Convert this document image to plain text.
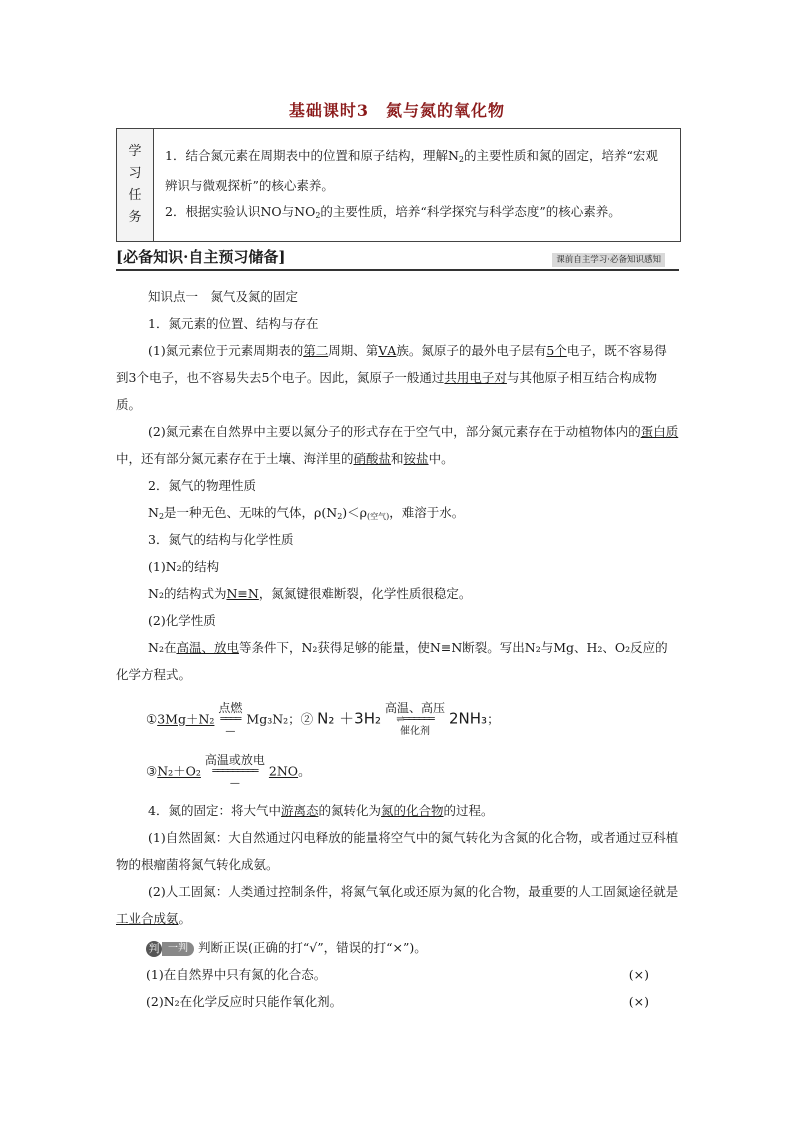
基础课时3　氮与氮的氧化物
学
习
任
务
1．结合氮元素在周期表中的位置和原子结构，理解$N_2$的主要性质和氮的固定，培养“宏观辨识与微观探析”的核心素养。
2．根据实验认识NO与$NO_2$的主要性质，培养“科学探究与科学态度”的核心素养。
[必备知识·自主预习储备]	课前自主学习·必备知识感知
知识点一　氮气及氮的固定
1．氮元素的位置、结构与存在
(1)氮元素位于元素周期表的第二周期、第ⅤA族。氮原子的最外电子层有5个电子，既不容易得到3个电子，也不容易失去5个电子。因此，氮原子一般通过共用电子对与其他原子相互结合构成物质。
(2)氮元素在自然界中主要以氮分子的形式存在于空气中，部分氮元素存在于动植物体内的蛋白质中，还有部分氮元素存在于土壤、海洋里的硝酸盐和铵盐中。
2．氮气的物理性质
$N_2$是一种无色、无味的气体，$\rho(N_2)<\rho_{(空气)}$，难溶于水。
3．氮气的结构与化学性质
(1)N₂的结构
N₂的结构式为N≡N，氮氮键很难断裂，化学性质很稳定。
(2)化学性质
N₂在高温、放电等条件下，N₂获得足够的能量，使N≡N断裂。写出N₂与Mg、H₂、O₂反应的化学方程式。
①3Mg＋N₂
点燃
════
—
Mg₃N₂；② N₂ ＋3H₂
高温、高压
⇌══════
催化剂
2NH₃；
③N₂＋O₂
高温或放电
═════════
—
2NO。
4．氮的固定：将大气中游离态的氮转化为氮的化合物的过程。
(1)自然固氮：大自然通过闪电释放的能量将空气中的氮气转化为含氮的化合物，或者通过豆科植物的根瘤菌将氮气转化成氨。
(2)人工固氮：人类通过控制条件，将氮气氧化或还原为氮的化合物，最重要的人工固氮途径就是工业合成氨。
判 一判 判断正误(正确的打“√”，错误的打“×”)。
(1)在自然界中只有氮的化合态。	(×)
(2)N₂在化学反应时只能作氧化剂。	(×)
